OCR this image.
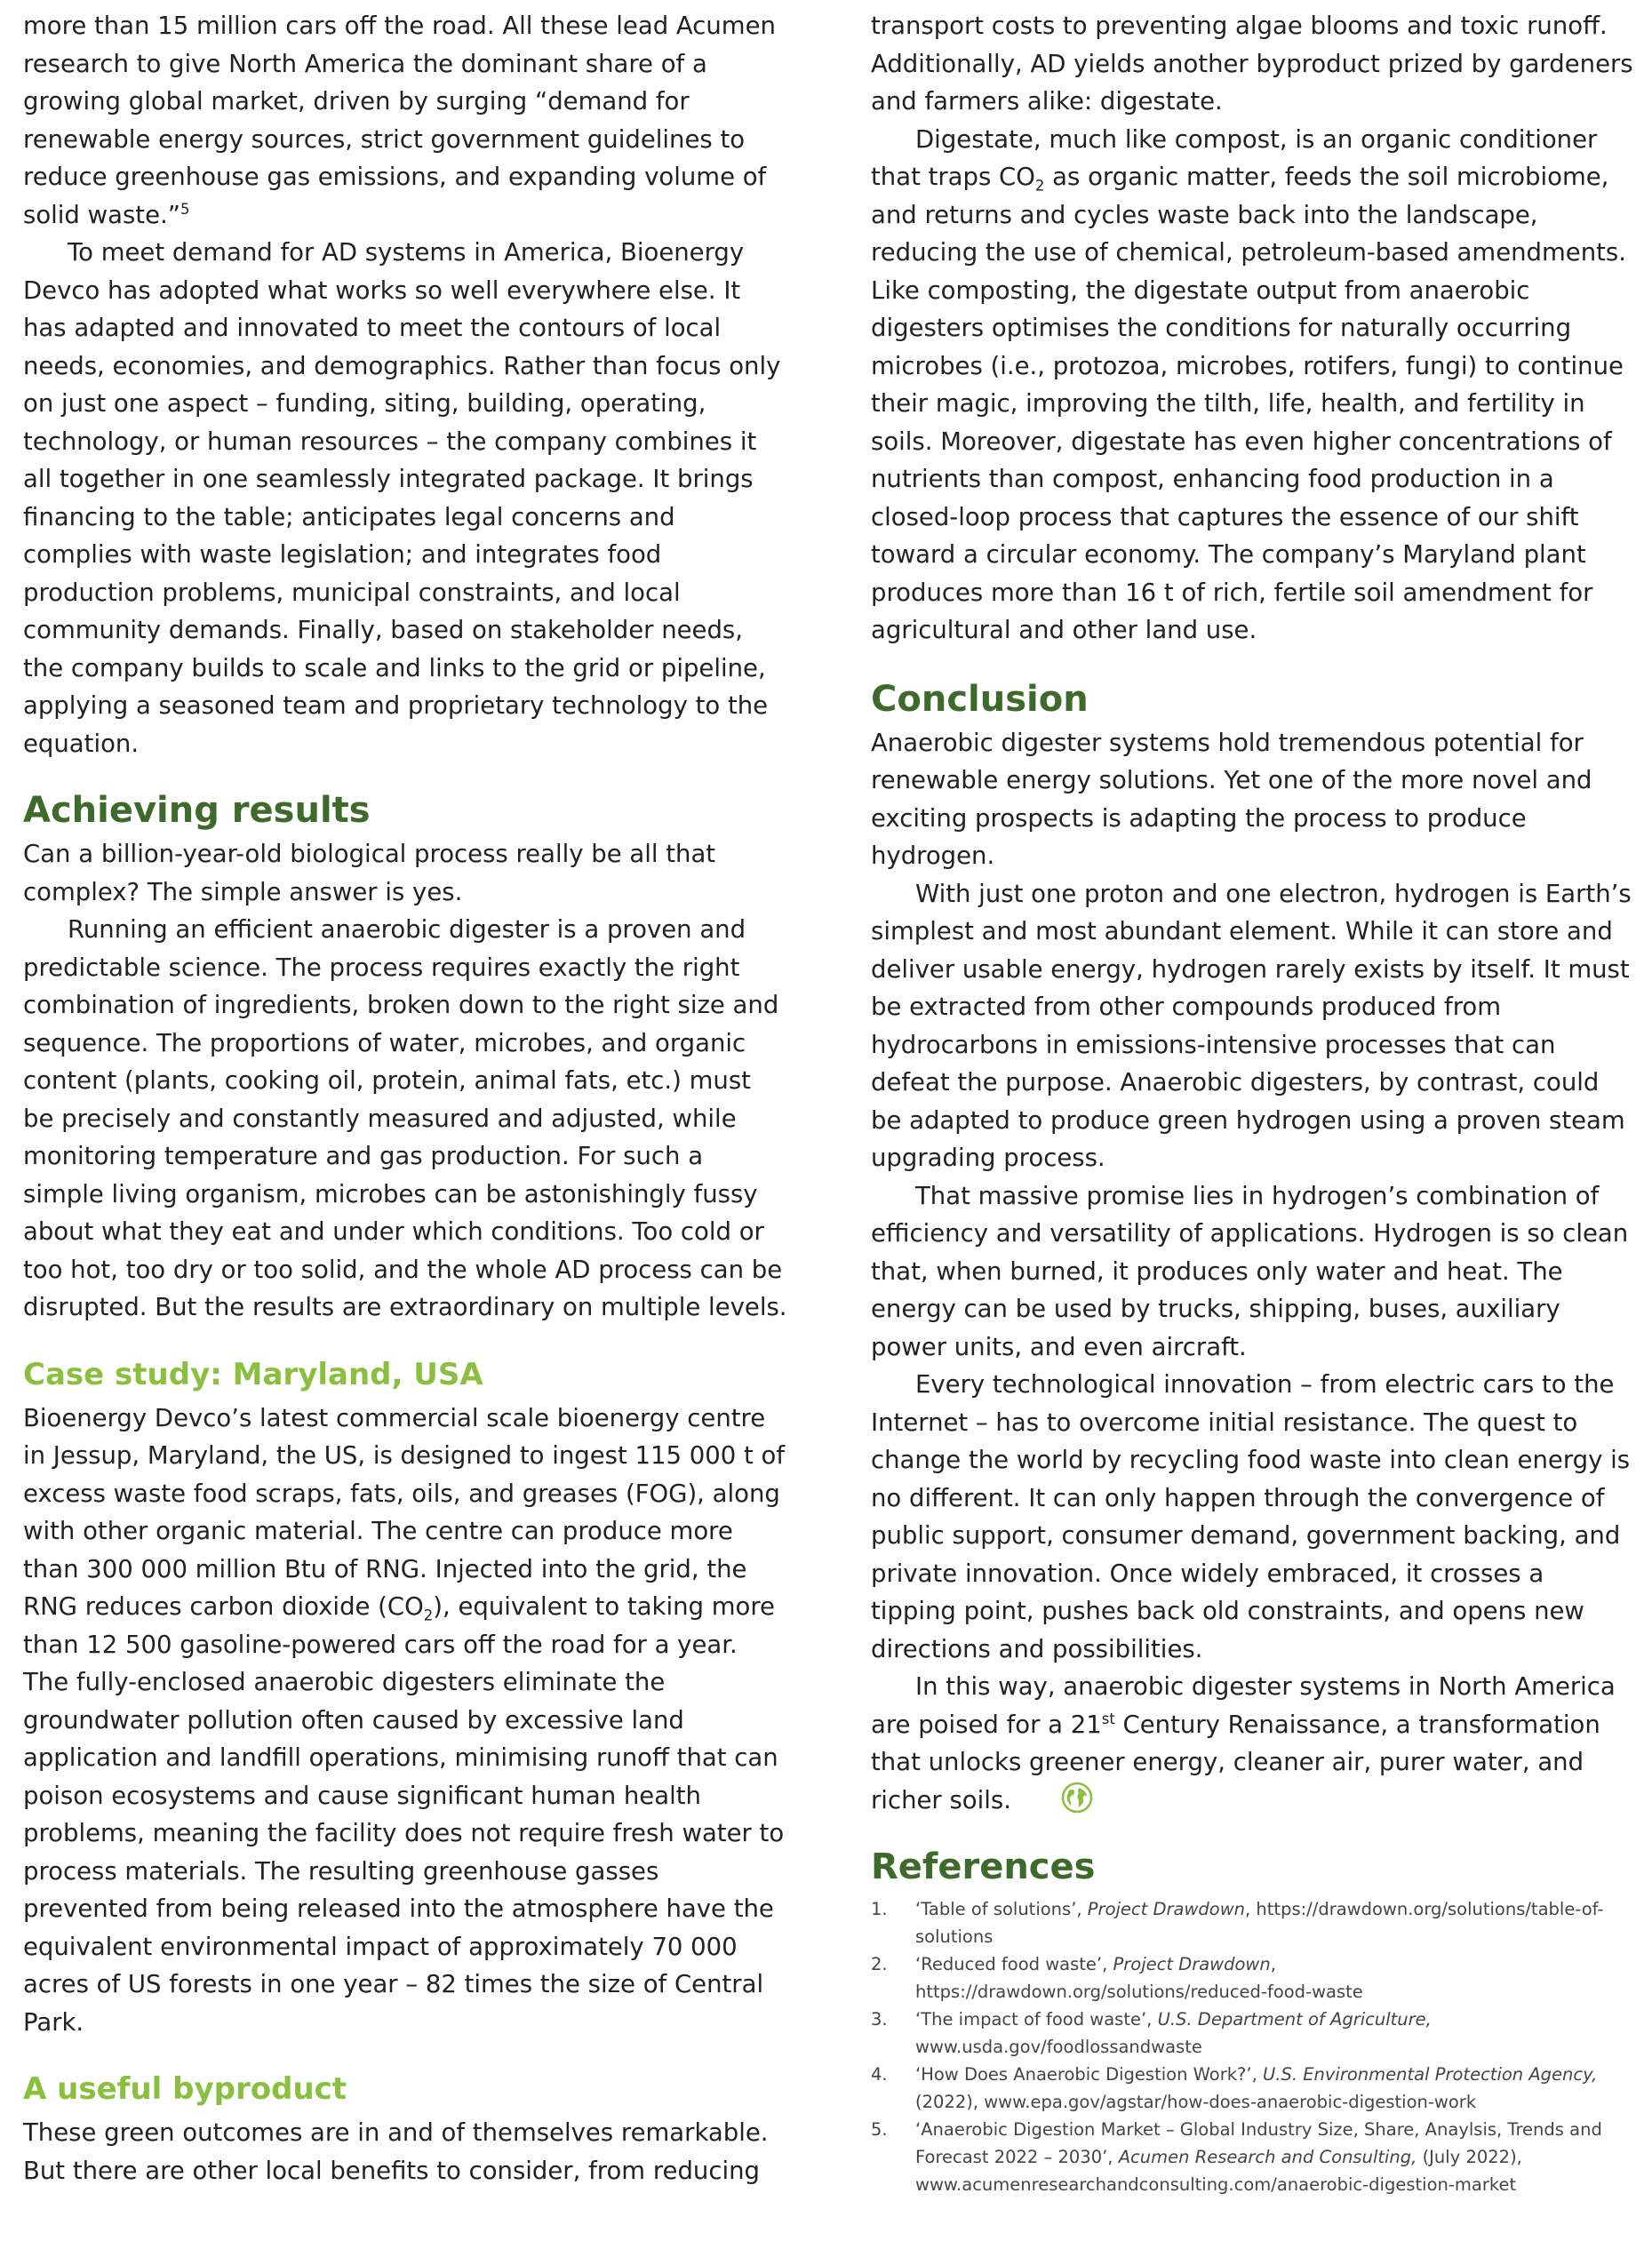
more than 15 million cars off the road. All these lead Acumen research to give North America the dominant share of a growing global market, driven by surging “demand for renewable energy sources, strict government guidelines to reduce greenhouse gas emissions, and expanding volume of solid waste.”$^5$

To meet demand for AD systems in America, Bioenergy Devco has adopted what works so well everywhere else. It has adapted and innovated to meet the contours of local needs, economies, and demographics. Rather than focus only on just one aspect – funding, siting, building, operating, technology, or human resources – the company combines it all together in one seamlessly integrated package. It brings financing to the table; anticipates legal concerns and complies with waste legislation; and integrates food production problems, municipal constraints, and local community demands. Finally, based on stakeholder needs, the company builds to scale and links to the grid or pipeline, applying a seasoned team and proprietary technology to the equation.

Achieving results

Can a billion-year-old biological process really be all that complex? The simple answer is yes.

Running an efficient anaerobic digester is a proven and predictable science. The process requires exactly the right combination of ingredients, broken down to the right size and sequence. The proportions of water, microbes, and organic content (plants, cooking oil, protein, animal fats, etc.) must be precisely and constantly measured and adjusted, while monitoring temperature and gas production. For such a simple living organism, microbes can be astonishingly fussy about what they eat and under which conditions. Too cold or too hot, too dry or too solid, and the whole AD process can be disrupted. But the results are extraordinary on multiple levels.

Case study: Maryland, USA

Bioenergy Devco’s latest commercial scale bioenergy centre in Jessup, Maryland, the US, is designed to ingest 115 000 t of excess waste food scraps, fats, oils, and greases (FOG), along with other organic material. The centre can produce more than 300 000 million Btu of RNG. Injected into the grid, the RNG reduces carbon dioxide $(CO_2)$, equivalent to taking more than 12 500 gasoline-powered cars off the road for a year. The fully-enclosed anaerobic digesters eliminate the groundwater pollution often caused by excessive land application and landfill operations, minimising runoff that can poison ecosystems and cause significant human health problems, meaning the facility does not require fresh water to process materials. The resulting greenhouse gasses prevented from being released into the atmosphere have the equivalent environmental impact of approximately 70 000 acres of US forests in one year – 82 times the size of Central Park.

A useful byproduct

These green outcomes are in and of themselves remarkable. But there are other local benefits to consider, from reducing

transport costs to preventing algae blooms and toxic runoff. Additionally, AD yields another byproduct prized by gardeners and farmers alike: digestate.

Digestate, much like compost, is an organic conditioner that traps $CO_2$ as organic matter, feeds the soil microbiome, and returns and cycles waste back into the landscape, reducing the use of chemical, petroleum-based amendments. Like composting, the digestate output from anaerobic digesters optimises the conditions for naturally occurring microbes (i.e., protozoa, microbes, rotifers, fungi) to continue their magic, improving the tilth, life, health, and fertility in soils. Moreover, digestate has even higher concentrations of nutrients than compost, enhancing food production in a closed-loop process that captures the essence of our shift toward a circular economy. The company’s Maryland plant produces more than 16 t of rich, fertile soil amendment for agricultural and other land use.

Conclusion

Anaerobic digester systems hold tremendous potential for renewable energy solutions. Yet one of the more novel and exciting prospects is adapting the process to produce hydrogen.

With just one proton and one electron, hydrogen is Earth’s simplest and most abundant element. While it can store and deliver usable energy, hydrogen rarely exists by itself. It must be extracted from other compounds produced from hydrocarbons in emissions-intensive processes that can defeat the purpose. Anaerobic digesters, by contrast, could be adapted to produce green hydrogen using a proven steam upgrading process.

That massive promise lies in hydrogen’s combination of efficiency and versatility of applications. Hydrogen is so clean that, when burned, it produces only water and heat. The energy can be used by trucks, shipping, buses, auxiliary power units, and even aircraft.

Every technological innovation – from electric cars to the Internet – has to overcome initial resistance. The quest to change the world by recycling food waste into clean energy is no different. It can only happen through the convergence of public support, consumer demand, government backing, and private innovation. Once widely embraced, it crosses a tipping point, pushes back old constraints, and opens new directions and possibilities.

In this way, anaerobic digester systems in North America are poised for a 21st Century Renaissance, a transformation that unlocks greener energy, cleaner air, purer water, and richer soils.

References
1. ‘Table of solutions’, Project Drawdown, https://drawdown.org/solutions/table-of-solutions
2. ‘Reduced food waste’, Project Drawdown, https://drawdown.org/solutions/reduced-food-waste
3. ‘The impact of food waste’, U.S. Department of Agriculture, www.usda.gov/foodlossandwaste
4. ‘How Does Anaerobic Digestion Work?’, U.S. Environmental Protection Agency, (2022), www.epa.gov/agstar/how-does-anaerobic-digestion-work
5. ‘Anaerobic Digestion Market – Global Industry Size, Share, Anaylsis, Trends and Forecast 2022 – 2030’, Acumen Research and Consulting, (July 2022), www.acumenresearchandconsulting.com/anaerobic-digestion-market
